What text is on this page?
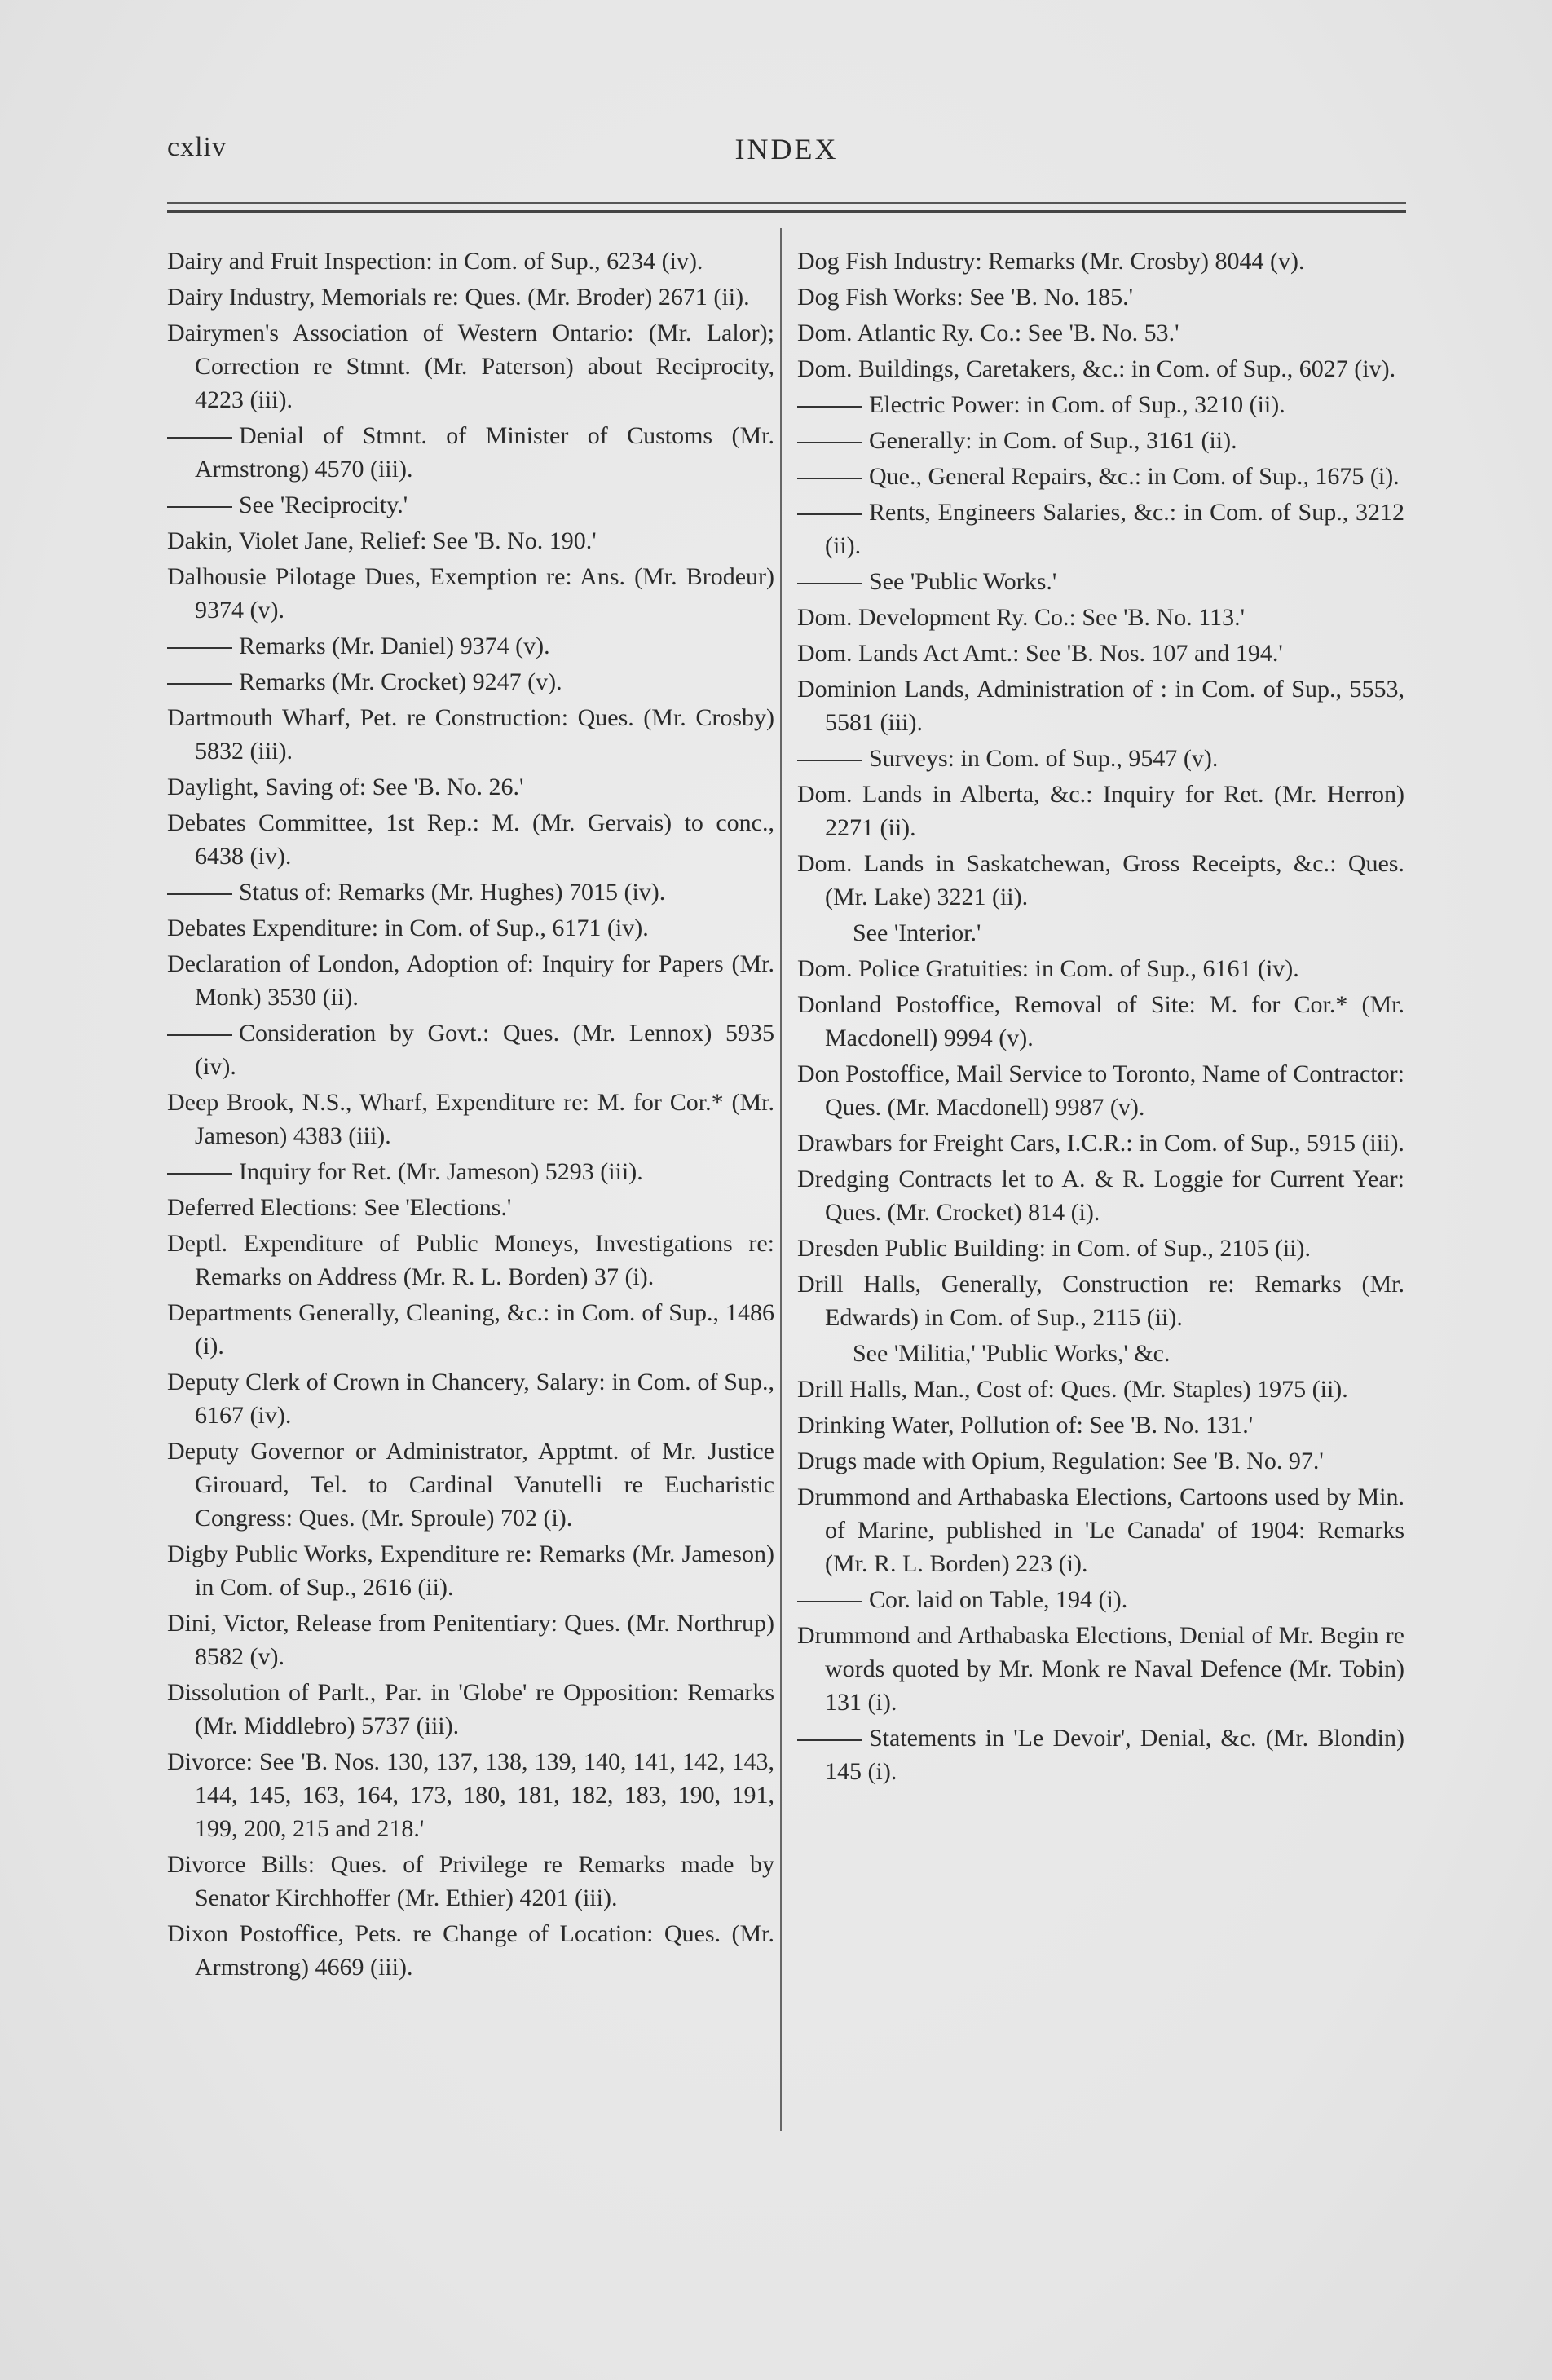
cxliv	INDEX
Dairy and Fruit Inspection: in Com. of Sup., 6234 (iv).
Dairy Industry, Memorials re: Ques. (Mr. Broder) 2671 (ii).
Dairymen's Association of Western Ontario: (Mr. Lalor); Correction re Stmnt. (Mr. Paterson) about Reciprocity, 4223 (iii).
Denial of Stmnt. of Minister of Customs (Mr. Armstrong) 4570 (iii).
See 'Reciprocity.'
Dakin, Violet Jane, Relief: See 'B. No. 190.'
Dalhousie Pilotage Dues, Exemption re: Ans. (Mr. Brodeur) 9374 (v).
Remarks (Mr. Daniel) 9374 (v).
Remarks (Mr. Crocket) 9247 (v).
Dartmouth Wharf, Pet. re Construction: Ques. (Mr. Crosby) 5832 (iii).
Daylight, Saving of: See 'B. No. 26.'
Debates Committee, 1st Rep.: M. (Mr. Gervais) to conc., 6438 (iv).
Status of: Remarks (Mr. Hughes) 7015 (iv).
Debates Expenditure: in Com. of Sup., 6171 (iv).
Declaration of London, Adoption of: Inquiry for Papers (Mr. Monk) 3530 (ii).
Consideration by Govt.: Ques. (Mr. Lennox) 5935 (iv).
Deep Brook, N.S., Wharf, Expenditure re: M. for Cor.* (Mr. Jameson) 4383 (iii).
Inquiry for Ret. (Mr. Jameson) 5293 (iii).
Deferred Elections: See 'Elections.'
Deptl. Expenditure of Public Moneys, Investigations re: Remarks on Address (Mr. R. L. Borden) 37 (i).
Departments Generally, Cleaning, &c.: in Com. of Sup., 1486 (i).
Deputy Clerk of Crown in Chancery, Salary: in Com. of Sup., 6167 (iv).
Deputy Governor or Administrator, Apptmt. of Mr. Justice Girouard, Tel. to Cardinal Vanutelli re Eucharistic Congress: Ques. (Mr. Sproule) 702 (i).
Digby Public Works, Expenditure re: Remarks (Mr. Jameson) in Com. of Sup., 2616 (ii).
Dini, Victor, Release from Penitentiary: Ques. (Mr. Northrup) 8582 (v).
Dissolution of Parlt., Par. in 'Globe' re Opposition: Remarks (Mr. Middlebro) 5737 (iii).
Divorce: See 'B. Nos. 130, 137, 138, 139, 140, 141, 142, 143, 144, 145, 163, 164, 173, 180, 181, 182, 183, 190, 191, 199, 200, 215 and 218.'
Divorce Bills: Ques. of Privilege re Remarks made by Senator Kirchhoffer (Mr. Ethier) 4201 (iii).
Dixon Postoffice, Pets. re Change of Location: Ques. (Mr. Armstrong) 4669 (iii).
Dog Fish Industry: Remarks (Mr. Crosby) 8044 (v).
Dog Fish Works: See 'B. No. 185.'
Dom. Atlantic Ry. Co.: See 'B. No. 53.'
Dom. Buildings, Caretakers, &c.: in Com. of Sup., 6027 (iv).
Electric Power: in Com. of Sup., 3210 (ii).
Generally: in Com. of Sup., 3161 (ii).
Que., General Repairs, &c.: in Com. of Sup., 1675 (i).
Rents, Engineers Salaries, &c.: in Com. of Sup., 3212 (ii).
See 'Public Works.'
Dom. Development Ry. Co.: See 'B. No. 113.'
Dom. Lands Act Amt.: See 'B. Nos. 107 and 194.'
Dominion Lands, Administration of : in Com. of Sup., 5553, 5581 (iii).
Surveys: in Com. of Sup., 9547 (v).
Dom. Lands in Alberta, &c.: Inquiry for Ret. (Mr. Herron) 2271 (ii).
Dom. Lands in Saskatchewan, Gross Receipts, &c.: Ques. (Mr. Lake) 3221 (ii).
See 'Interior.'
Dom. Police Gratuities: in Com. of Sup., 6161 (iv).
Donland Postoffice, Removal of Site: M. for Cor.* (Mr. Macdonell) 9994 (v).
Don Postoffice, Mail Service to Toronto, Name of Contractor: Ques. (Mr. Macdonell) 9987 (v).
Drawbars for Freight Cars, I.C.R.: in Com. of Sup., 5915 (iii).
Dredging Contracts let to A. & R. Loggie for Current Year: Ques. (Mr. Crocket) 814 (i).
Dresden Public Building: in Com. of Sup., 2105 (ii).
Drill Halls, Generally, Construction re: Remarks (Mr. Edwards) in Com. of Sup., 2115 (ii).
See 'Militia,' 'Public Works,' &c.
Drill Halls, Man., Cost of: Ques. (Mr. Staples) 1975 (ii).
Drinking Water, Pollution of: See 'B. No. 131.'
Drugs made with Opium, Regulation: See 'B. No. 97.'
Drummond and Arthabaska Elections, Cartoons used by Min. of Marine, published in 'Le Canada' of 1904: Remarks (Mr. R. L. Borden) 223 (i).
Cor. laid on Table, 194 (i).
Drummond and Arthabaska Elections, Denial of Mr. Begin re words quoted by Mr. Monk re Naval Defence (Mr. Tobin) 131 (i).
Statements in 'Le Devoir', Denial, &c. (Mr. Blondin) 145 (i).
